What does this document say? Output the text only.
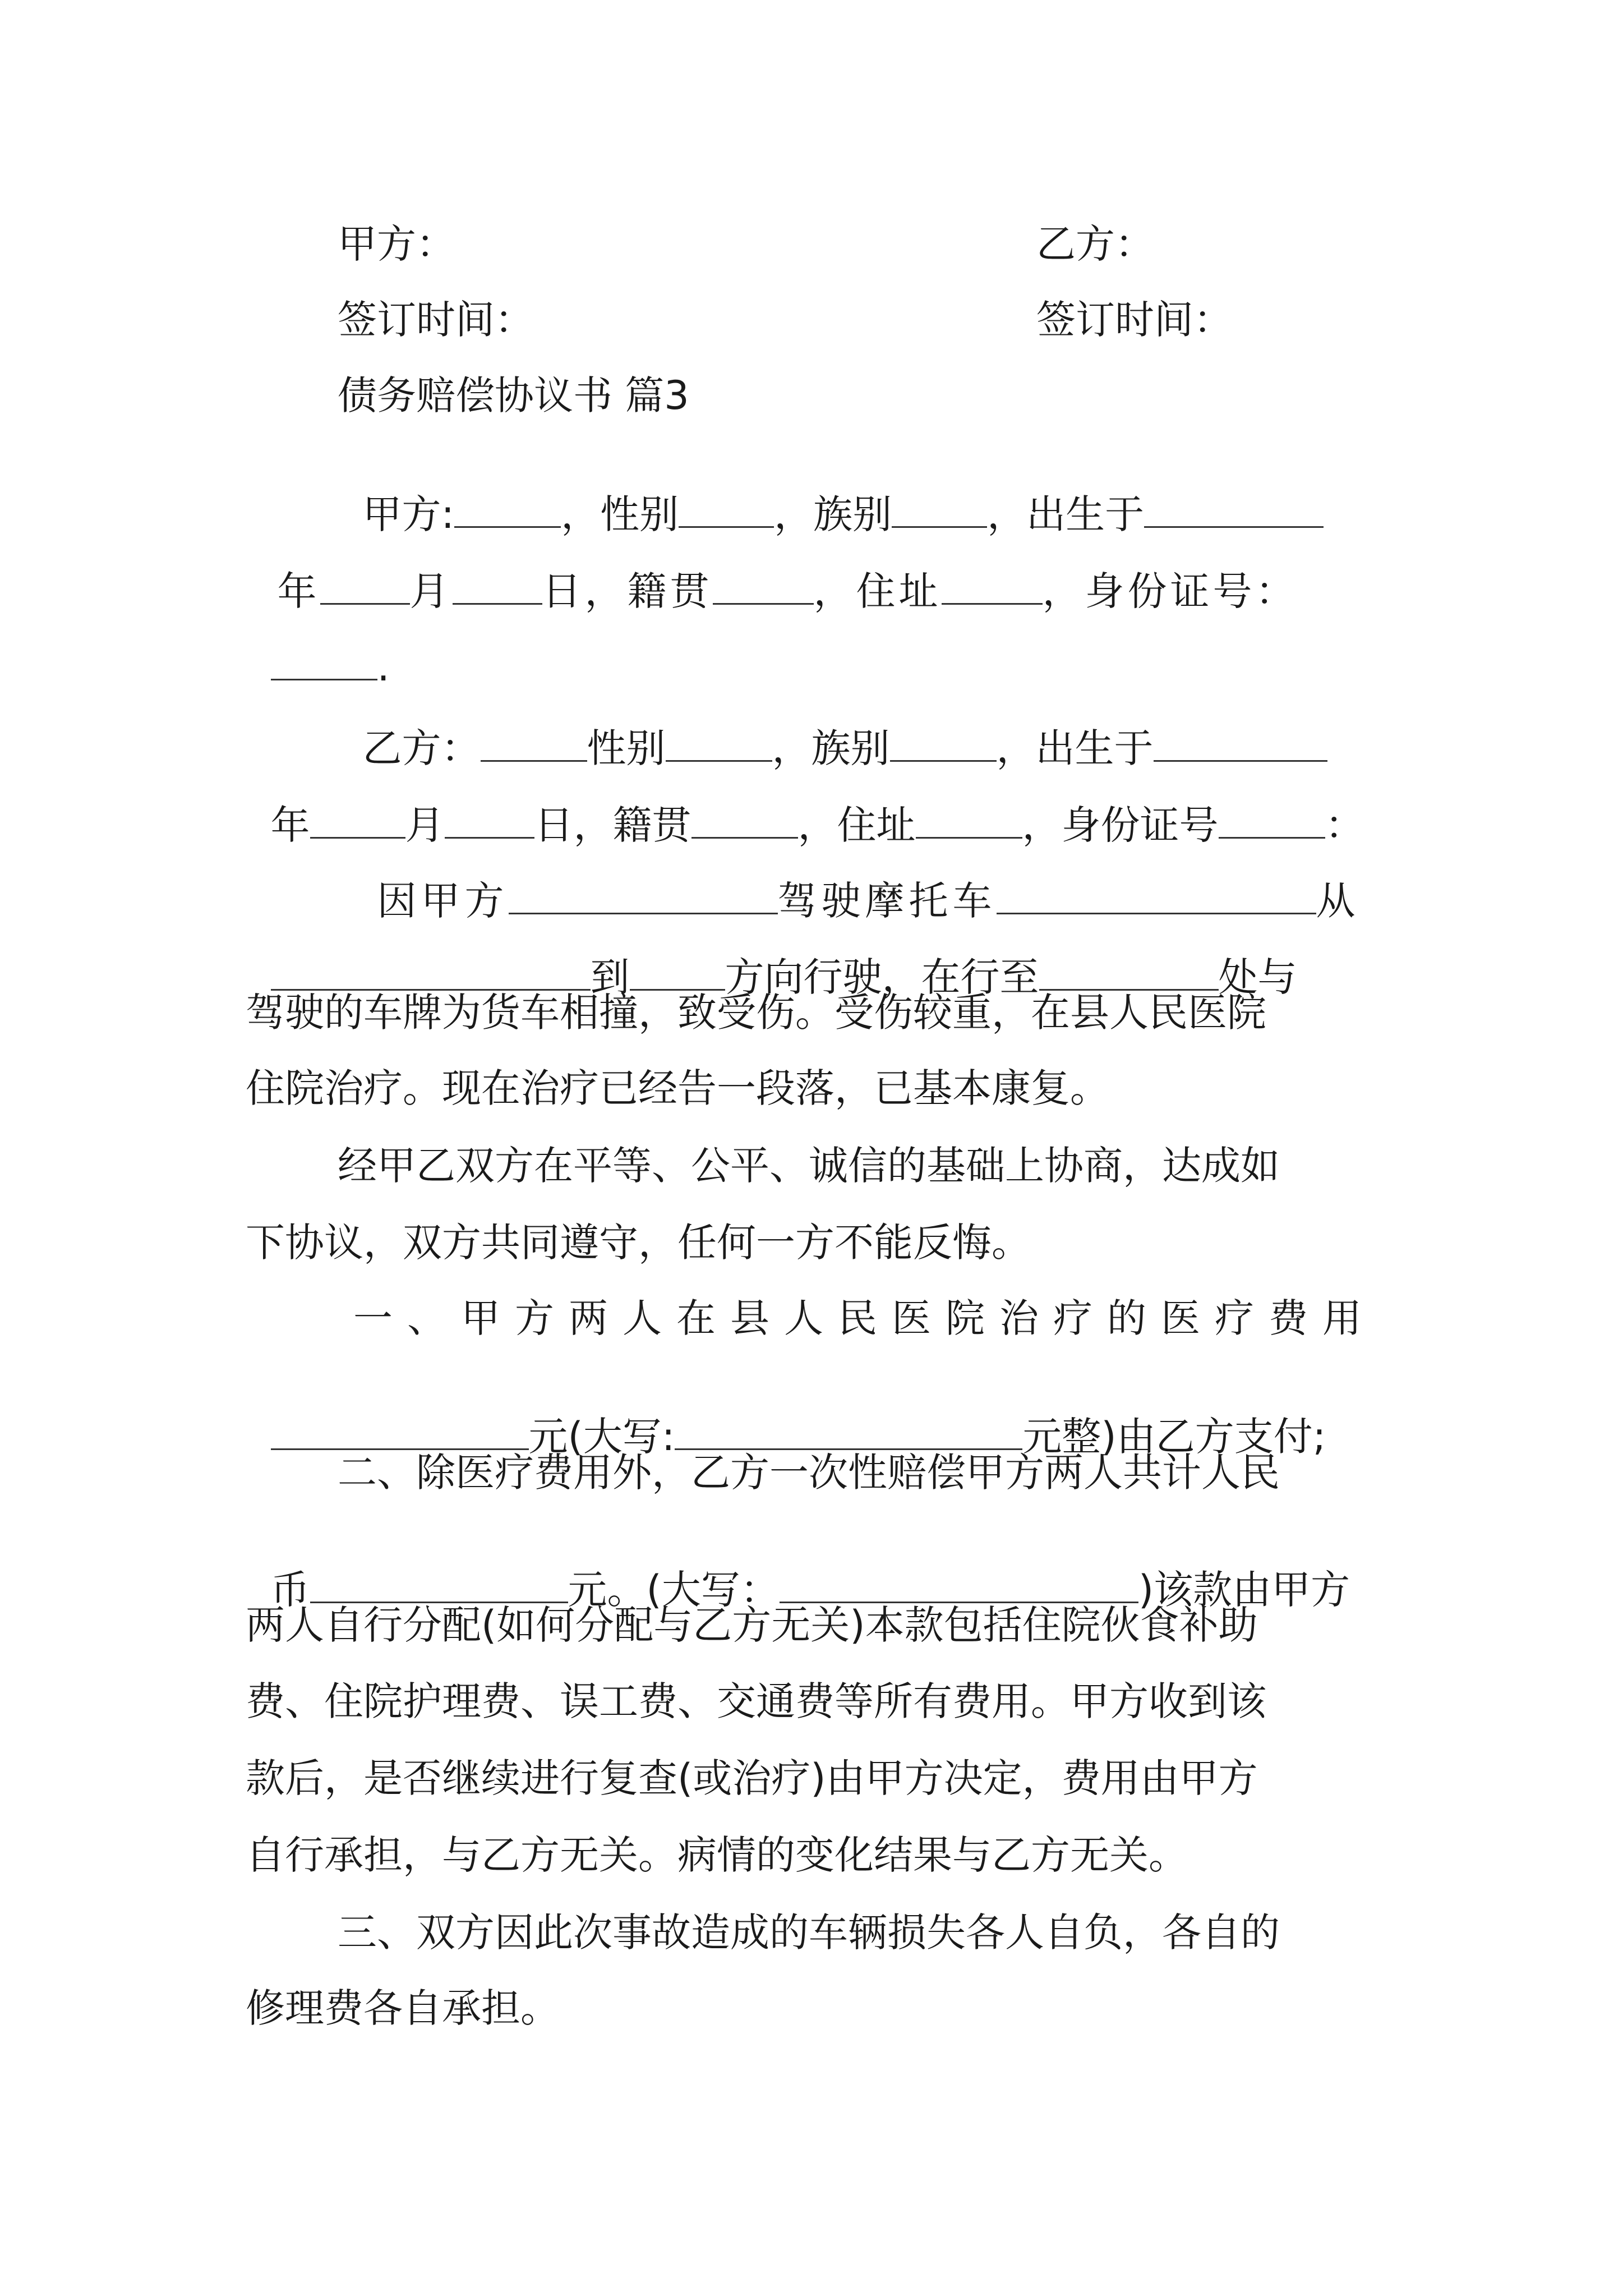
甲方：	乙方：
签订时间：	签订时间：
债务赔偿协议书 篇3

甲方:	，性别 ，族别 ，出生于

年 月 日，籍贯	，住址	，身份证号：

.

乙方：	性别	，族别	，出生于

年 月 日，籍贯	，住址	，身份证号	：

因甲方	驾驶摩托车	从

到 方向行驶，在行至	处与

驾驶的车牌为货车相撞，致受伤。受伤较重，在县人民医院
住院治疗。现在治疗已经告一段落，已基本康复。
经甲乙双方在平等、公平、诚信的基础上协商，达成如
下协议，双方共同遵守，任何一方不能反悔。
一、甲方两人在县人民医院治疗的医疗费用

元(大写:	元整)由乙方支付;

二、除医疗费用外，乙方一次性赔偿甲方两人共计人民

币	元。(大写：	)该款由甲方

两人自行分配(如何分配与乙方无关)本款包括住院伙食补助
费、住院护理费、误工费、交通费等所有费用。甲方收到该
款后，是否继续进行复查(或治疗)由甲方决定，费用由甲方
自行承担，与乙方无关。病情的变化结果与乙方无关。
三、双方因此次事故造成的车辆损失各人自负，各自的
修理费各自承担。
